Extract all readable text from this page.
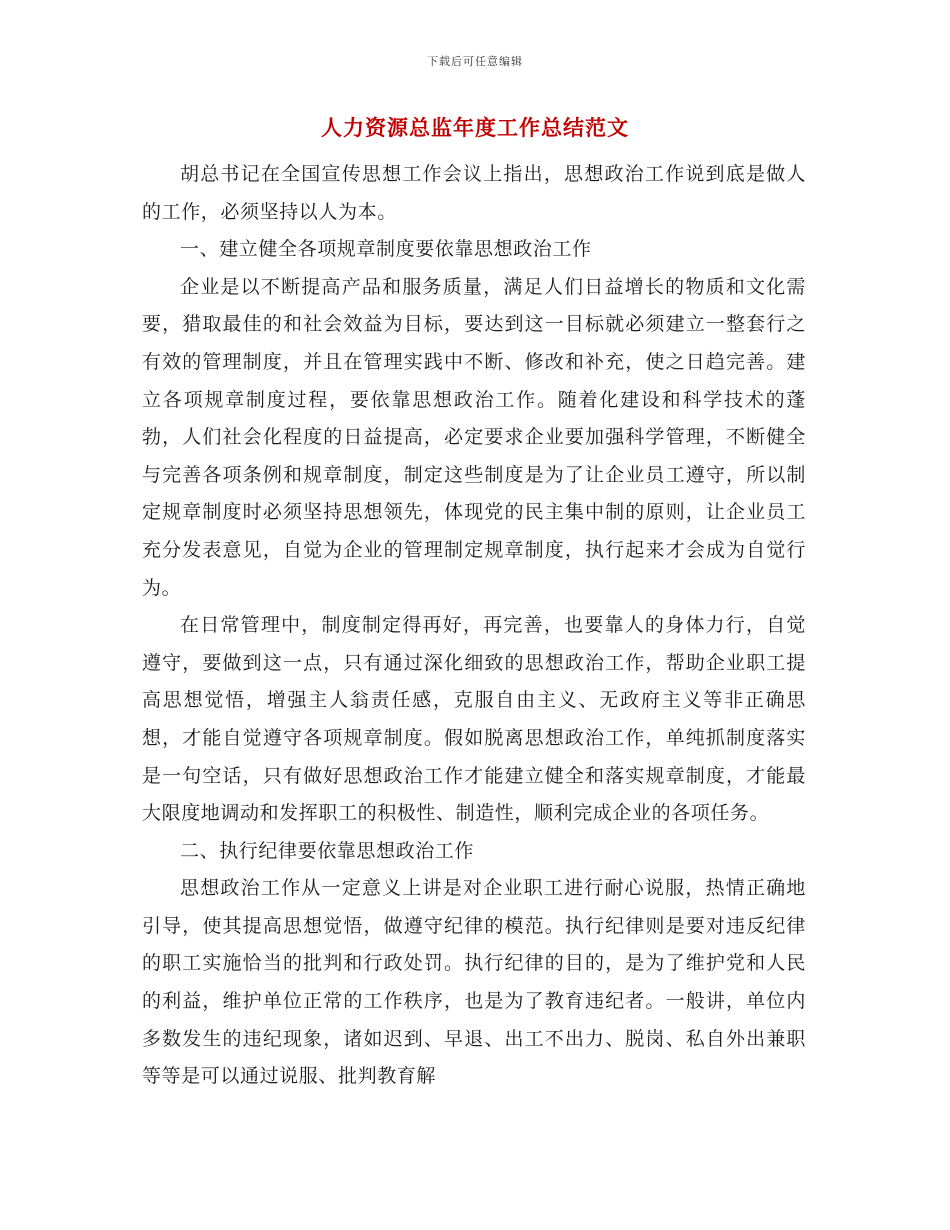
下载后可任意编辑
人力资源总监年度工作总结范文

胡总书记在全国宣传思想工作会议上指出，思想政治工作说到底是做人的工作，必须坚持以人为本。

一、建立健全各项规章制度要依靠思想政治工作

企业是以不断提高产品和服务质量，满足人们日益增长的物质和文化需要，猎取最佳的和社会效益为目标，要达到这一目标就必须建立一整套行之有效的管理制度，并且在管理实践中不断、修改和补充，使之日趋完善。建立各项规章制度过程，要依靠思想政治工作。随着化建设和科学技术的蓬勃，人们社会化程度的日益提高，必定要求企业要加强科学管理，不断健全与完善各项条例和规章制度，制定这些制度是为了让企业员工遵守，所以制定规章制度时必须坚持思想领先，体现党的民主集中制的原则，让企业员工充分发表意见，自觉为企业的管理制定规章制度，执行起来才会成为自觉行为。

在日常管理中，制度制定得再好，再完善，也要靠人的身体力行，自觉遵守，要做到这一点，只有通过深化细致的思想政治工作，帮助企业职工提高思想觉悟，增强主人翁责任感，克服自由主义、无政府主义等非正确思想，才能自觉遵守各项规章制度。假如脱离思想政治工作，单纯抓制度落实是一句空话，只有做好思想政治工作才能建立健全和落实规章制度，才能最大限度地调动和发挥职工的积极性、制造性，顺利完成企业的各项任务。

二、执行纪律要依靠思想政治工作

思想政治工作从一定意义上讲是对企业职工进行耐心说服，热情正确地引导，使其提高思想觉悟，做遵守纪律的模范。执行纪律则是要对违反纪律的职工实施恰当的批判和行政处罚。执行纪律的目的，是为了维护党和人民的利益，维护单位正常的工作秩序，也是为了教育违纪者。一般讲，单位内多数发生的违纪现象，诸如迟到、早退、出工不出力、脱岗、私自外出兼职等等是可以通过说服、批判教育解
